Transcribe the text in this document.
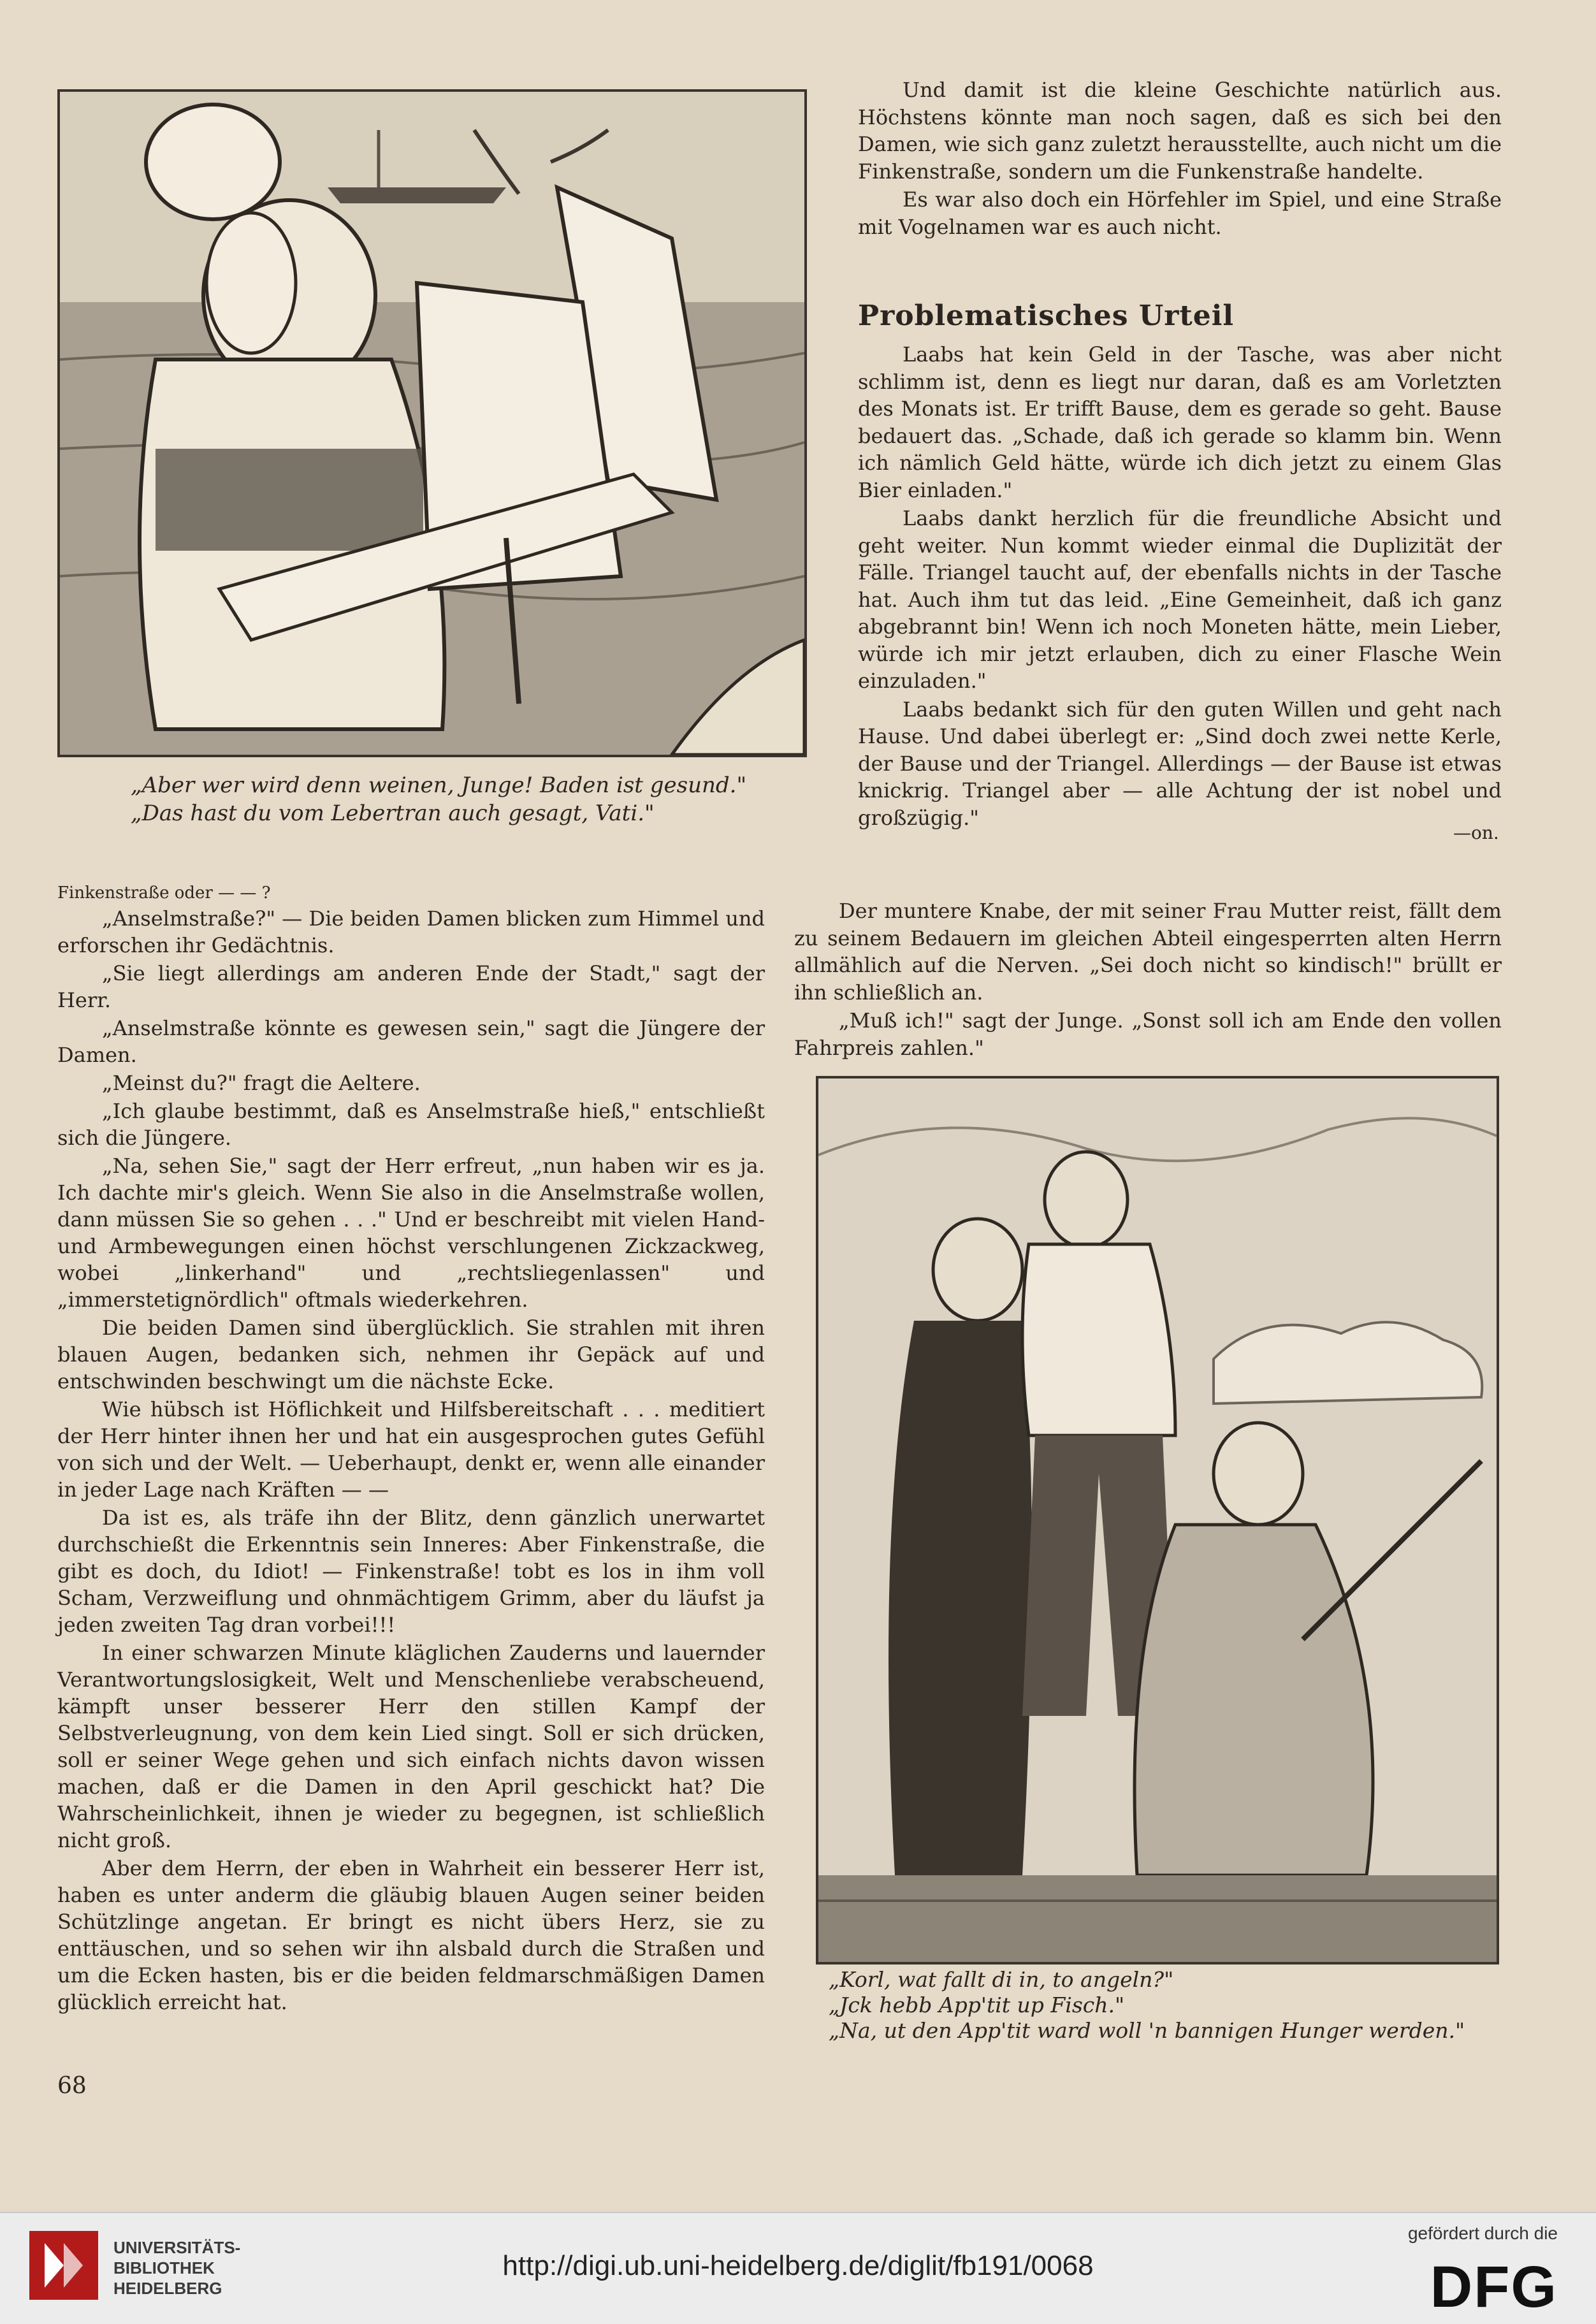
„Aber wer wird denn weinen, Junge! Baden ist gesund."
„Das hast du vom Lebertran auch gesagt, Vati."

Und damit ist die kleine Geschichte natürlich aus. Höchstens könnte man noch sagen, daß es sich bei den Damen, wie sich ganz zuletzt herausstellte, auch nicht um die Finkenstraße, sondern um die Funkenstraße handelte.

Es war also doch ein Hörfehler im Spiel, und eine Straße mit Vogelnamen war es auch nicht.

Problematisches Urteil

Laabs hat kein Geld in der Tasche, was aber nicht schlimm ist, denn es liegt nur daran, daß es am Vorletzten des Monats ist. Er trifft Bause, dem es gerade so geht. Bause bedauert das. „Schade, daß ich gerade so klamm bin. Wenn ich nämlich Geld hätte, würde ich dich jetzt zu einem Glas Bier einladen."

Laabs dankt herzlich für die freundliche Absicht und geht weiter. Nun kommt wieder einmal die Duplizität der Fälle. Triangel taucht auf, der ebenfalls nichts in der Tasche hat. Auch ihm tut das leid. „Eine Gemeinheit, daß ich ganz abgebrannt bin! Wenn ich noch Moneten hätte, mein Lieber, würde ich mir jetzt erlauben, dich zu einer Flasche Wein einzuladen."

Laabs bedankt sich für den guten Willen und geht nach Hause. Und dabei überlegt er: „Sind doch zwei nette Kerle, der Bause und der Triangel. Allerdings — der Bause ist etwas knickrig. Triangel aber — alle Achtung der ist nobel und großzügig."

—on.

Der muntere Knabe, der mit seiner Frau Mutter reist, fällt dem zu seinem Bedauern im gleichen Abteil eingesperrten alten Herrn allmählich auf die Nerven. „Sei doch nicht so kindisch!" brüllt er ihn schließlich an.

„Muß ich!" sagt der Junge. „Sonst soll ich am Ende den vollen Fahrpreis zahlen."

Finkenstraße oder — — ?

„Anselmstraße?" — Die beiden Damen blicken zum Himmel und erforschen ihr Gedächtnis.

„Sie liegt allerdings am anderen Ende der Stadt," sagt der Herr.

„Anselmstraße könnte es gewesen sein," sagt die Jüngere der Damen.

„Meinst du?" fragt die Aeltere.

„Ich glaube bestimmt, daß es Anselmstraße hieß," entschließt sich die Jüngere.

„Na, sehen Sie," sagt der Herr erfreut, „nun haben wir es ja. Ich dachte mir's gleich. Wenn Sie also in die Anselmstraße wollen, dann müssen Sie so gehen . . ." Und er beschreibt mit vielen Hand- und Armbewegungen einen höchst verschlungenen Zickzackweg, wobei „linkerhand" und „rechtsliegenlassen" und „immerstetignördlich" oftmals wiederkehren.

Die beiden Damen sind überglücklich. Sie strahlen mit ihren blauen Augen, bedanken sich, nehmen ihr Gepäck auf und entschwinden beschwingt um die nächste Ecke.

Wie hübsch ist Höflichkeit und Hilfsbereitschaft . . . meditiert der Herr hinter ihnen her und hat ein ausgesprochen gutes Gefühl von sich und der Welt. — Ueberhaupt, denkt er, wenn alle einander in jeder Lage nach Kräften — —

Da ist es, als träfe ihn der Blitz, denn gänzlich unerwartet durchschießt die Erkenntnis sein Inneres: Aber Finkenstraße, die gibt es doch, du Idiot! — Finkenstraße! tobt es los in ihm voll Scham, Verzweiflung und ohnmächtigem Grimm, aber du läufst ja jeden zweiten Tag dran vorbei!!!

In einer schwarzen Minute kläglichen Zauderns und lauernder Verantwortungslosigkeit, Welt und Menschenliebe verabscheuend, kämpft unser besserer Herr den stillen Kampf der Selbstverleugnung, von dem kein Lied singt. Soll er sich drücken, soll er seiner Wege gehen und sich einfach nichts davon wissen machen, daß er die Damen in den April geschickt hat? Die Wahrscheinlichkeit, ihnen je wieder zu begegnen, ist schließlich nicht groß.

Aber dem Herrn, der eben in Wahrheit ein besserer Herr ist, haben es unter anderm die gläubig blauen Augen seiner beiden Schützlinge angetan. Er bringt es nicht übers Herz, sie zu enttäuschen, und so sehen wir ihn alsbald durch die Straßen und um die Ecken hasten, bis er die beiden feldmarschmäßigen Damen glücklich erreicht hat.

„Korl, wat fallt di in, to angeln?"
„Jck hebb App'tit up Fisch."
„Na, ut den App'tit ward woll 'n bannigen Hunger werden."
68
UNIVERSITÄTS-
BIBLIOTHEK
HEIDELBERG
http://digi.ub.uni-heidelberg.de/diglit/fb191/0068
gefördert durch die
DFG
